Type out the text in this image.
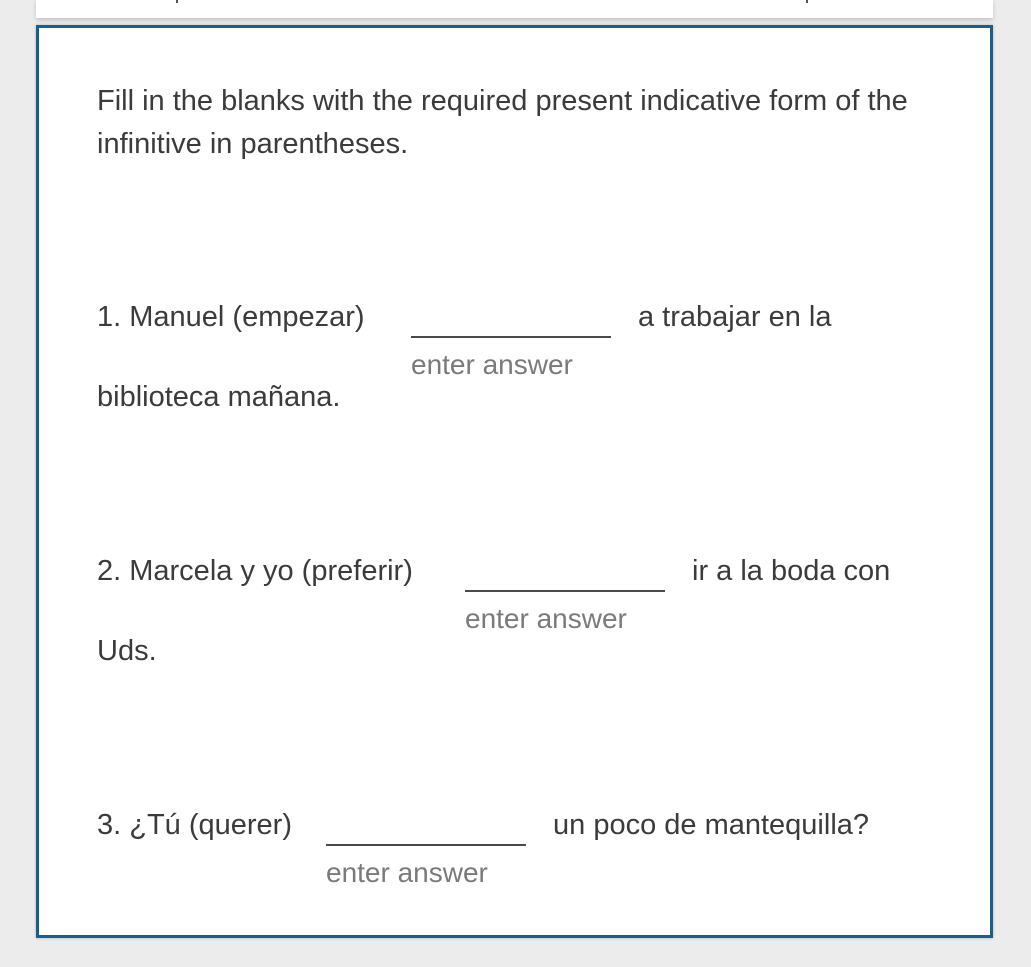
Fill in the blanks with the required present indicative form of the infinitive in parentheses.

1. Manuel (empezar)
enter answer
a trabajar en la
biblioteca mañana.
2. Marcela y yo (preferir)
enter answer
ir a la boda con
Uds.
3. ¿Tú (querer)
enter answer
un poco de mantequilla?
